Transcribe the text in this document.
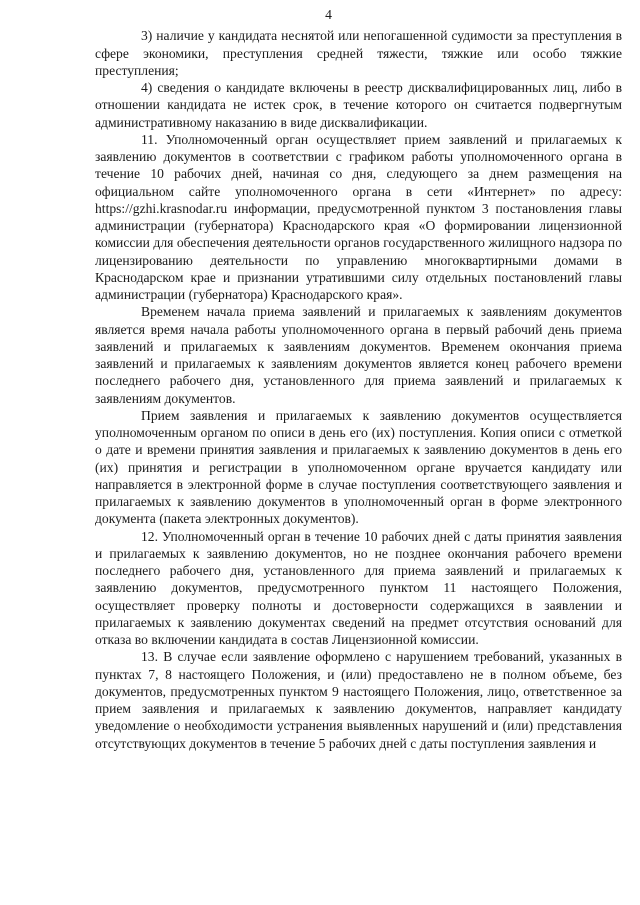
4

3) наличие у кандидата неснятой или непогашенной судимости за преступления в сфере экономики, преступления средней тяжести, тяжкие или особо тяжкие преступления;

4) сведения о кандидате включены в реестр дисквалифицированных лиц, либо в отношении кандидата не истек срок, в течение которого он считается подвергнутым административному наказанию в виде дисквалификации.

11. Уполномоченный орган осуществляет прием заявлений и прилагаемых к заявлению документов в соответствии с графиком работы уполномоченного органа в течение 10 рабочих дней, начиная со дня, следующего за днем размещения на официальном сайте уполномоченного органа в сети «Интернет» по адресу: https://gzhi.krasnodar.ru информации, предусмотренной пунктом 3 постановления главы администрации (губернатора) Краснодарского края «О формировании лицензионной комиссии для обеспечения деятельности органов государственного жилищного надзора по лицензированию деятельности по управлению многоквартирными домами в Краснодарском крае и признании утратившими силу отдельных постановлений главы администрации (губернатора) Краснодарского края».

Временем начала приема заявлений и прилагаемых к заявлениям документов является время начала работы уполномоченного органа в первый рабочий день приема заявлений и прилагаемых к заявлениям документов. Временем окончания приема заявлений и прилагаемых к заявлениям документов является конец рабочего времени последнего рабочего дня, установленного для приема заявлений и прилагаемых к заявлениям документов.

Прием заявления и прилагаемых к заявлению документов осуществляется уполномоченным органом по описи в день его (их) поступления. Копия описи с отметкой о дате и времени принятия заявления и прилагаемых к заявлению документов в день его (их) принятия и регистрации в уполномоченном органе вручается кандидату или направляется в электронной форме в случае поступления соответствующего заявления и прилагаемых к заявлению документов в уполномоченный орган в форме электронного документа (пакета электронных документов).

12. Уполномоченный орган в течение 10 рабочих дней с даты принятия заявления и прилагаемых к заявлению документов, но не позднее окончания рабочего времени последнего рабочего дня, установленного для приема заявлений и прилагаемых к заявлению документов, предусмотренного пунктом 11 настоящего Положения, осуществляет проверку полноты и достоверности содержащихся в заявлении и прилагаемых к заявлению документах сведений на предмет отсутствия оснований для отказа во включении кандидата в состав Лицензионной комиссии.

13. В случае если заявление оформлено с нарушением требований, указанных в пунктах 7, 8 настоящего Положения, и (или) предоставлено не в полном объеме, без документов, предусмотренных пунктом 9 настоящего Положения, лицо, ответственное за прием заявления и прилагаемых к заявлению документов, направляет кандидату уведомление о необходимости устранения выявленных нарушений и (или) представления отсутствующих документов в течение 5 рабочих дней с даты поступления заявления и
